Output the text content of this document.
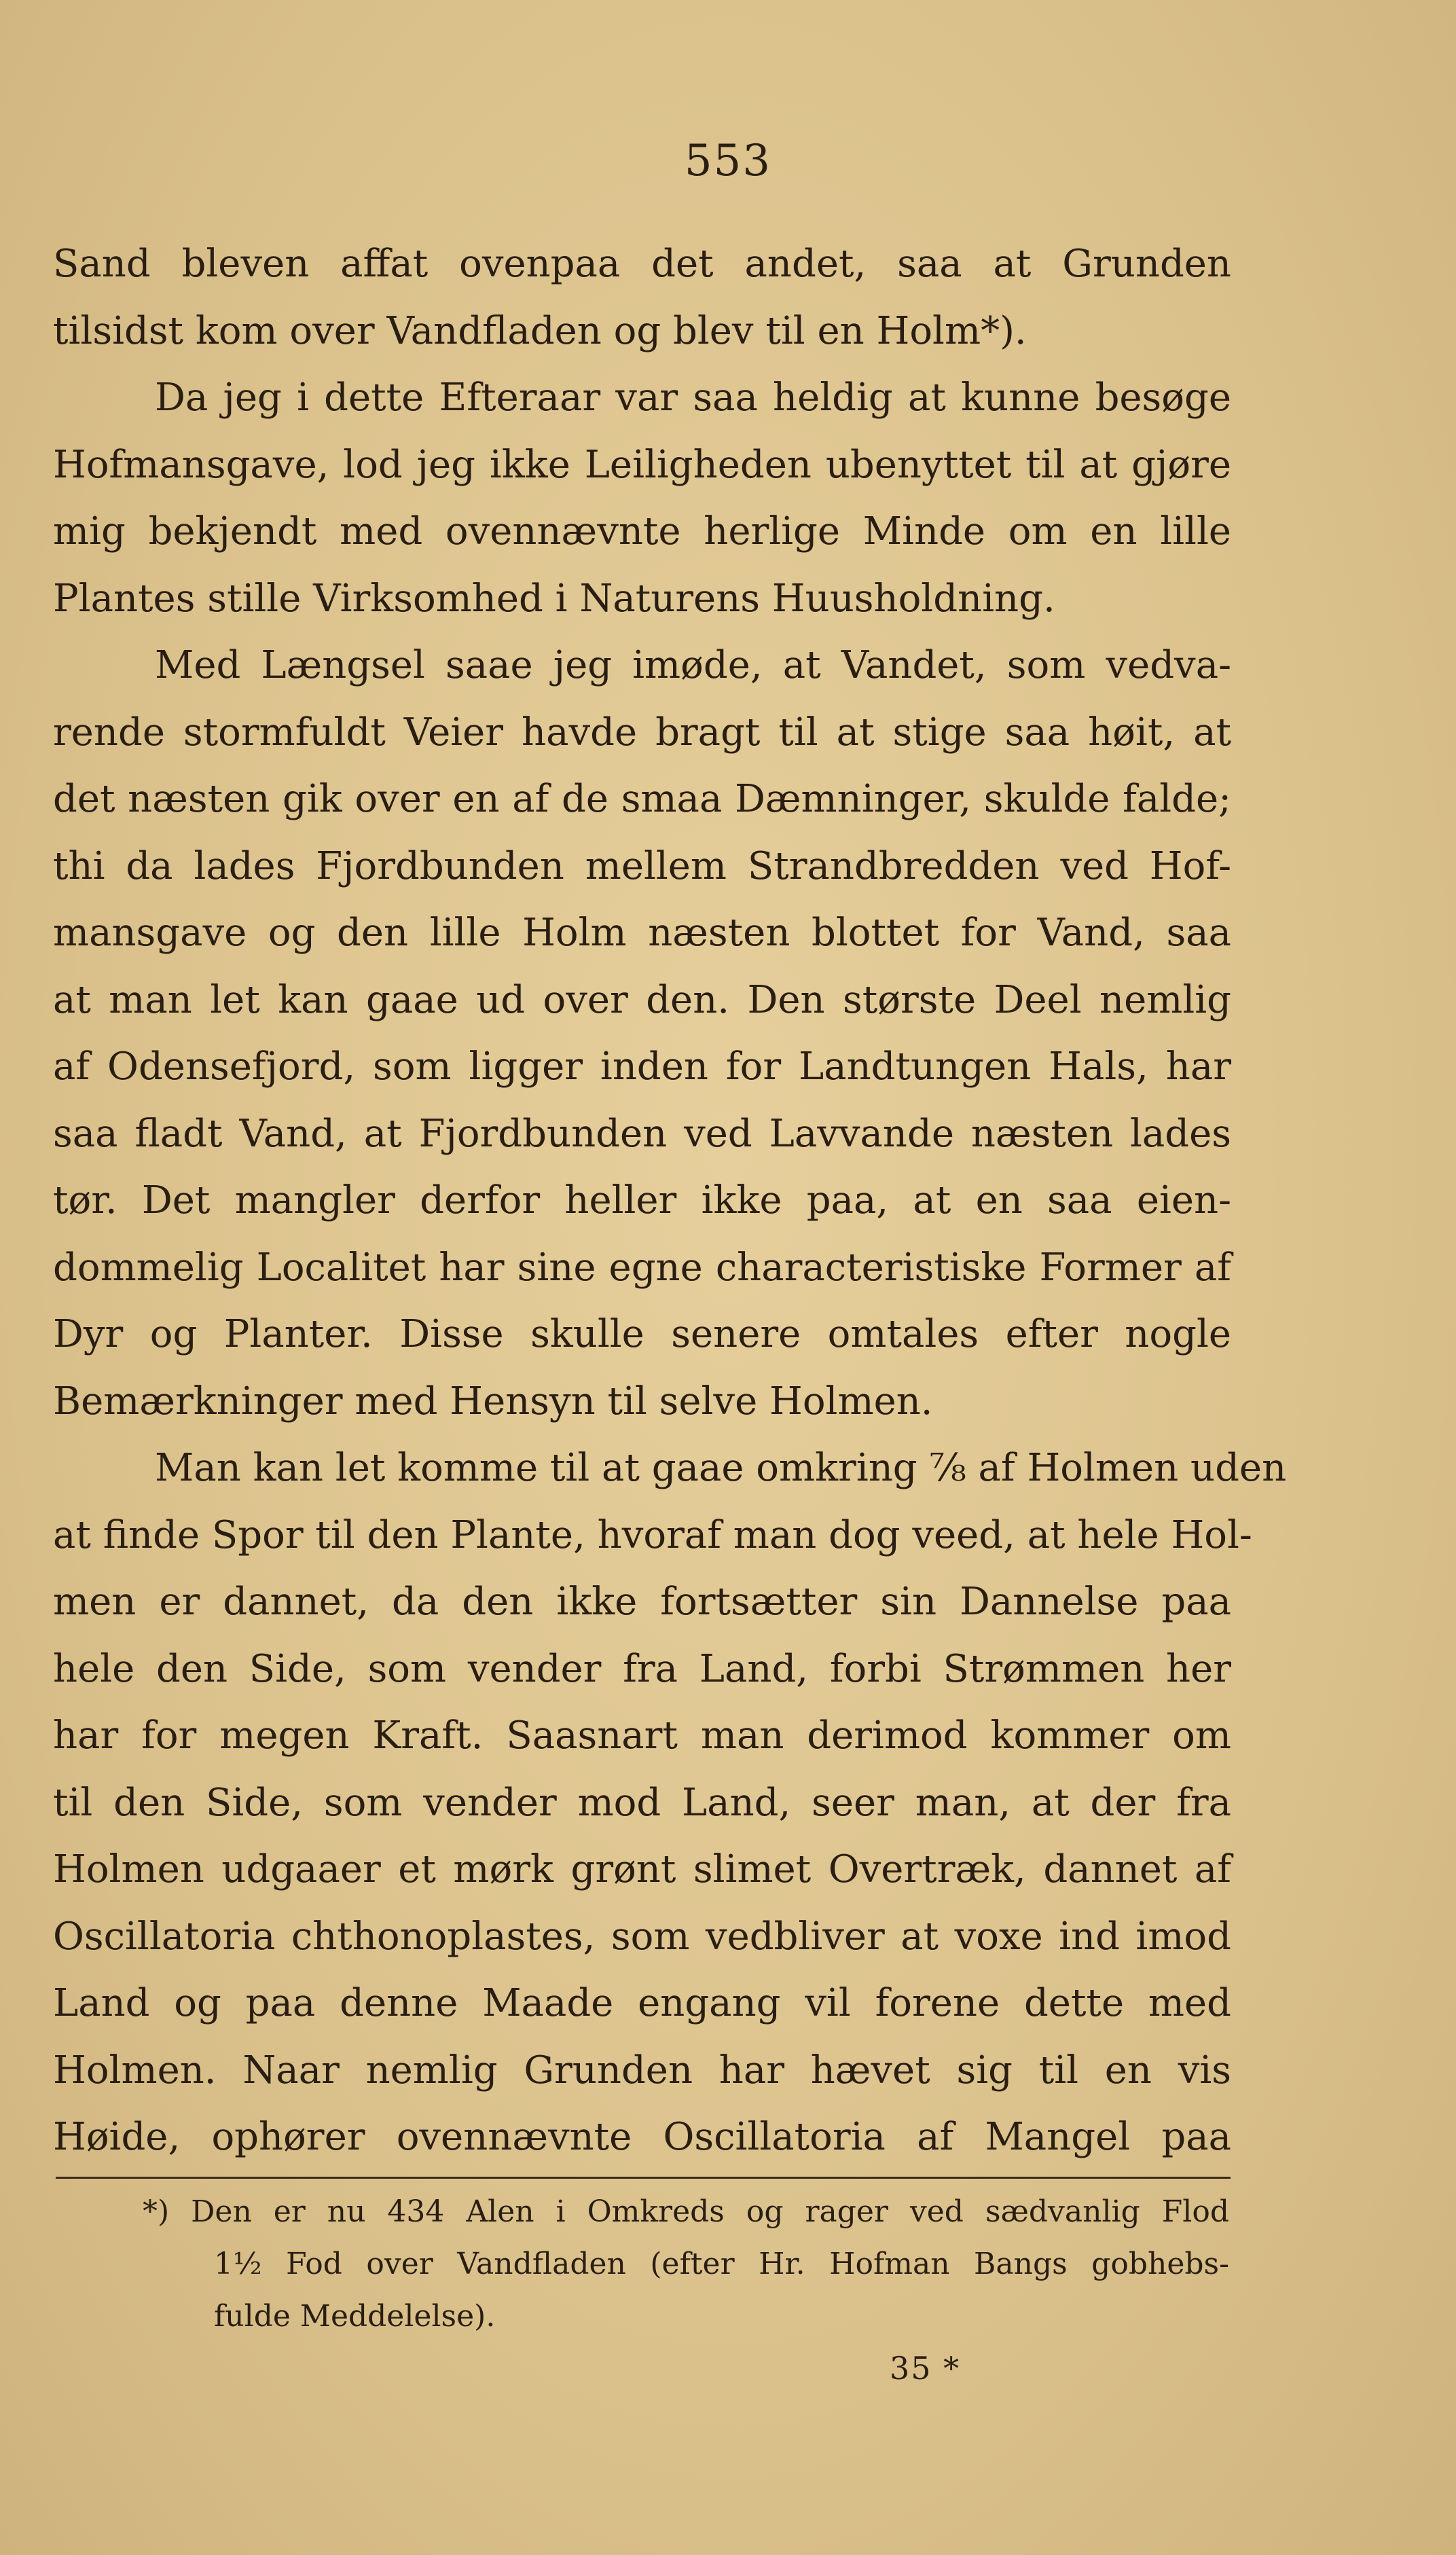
553
Sand bleven affat ovenpaa det andet, saa at Grunden
tilsidst kom over Vandfladen og blev til en Holm*).
Da jeg i dette Efteraar var saa heldig at kunne besøge
Hofmansgave, lod jeg ikke Leiligheden ubenyttet til at gjøre
mig bekjendt med ovennævnte herlige Minde om en lille
Plantes stille Virksomhed i Naturens Huusholdning.
Med Længsel saae jeg imøde, at Vandet, som vedva-
rende stormfuldt Veier havde bragt til at stige saa høit, at
det næsten gik over en af de smaa Dæmninger, skulde falde;
thi da lades Fjordbunden mellem Strandbredden ved Hof-
mansgave og den lille Holm næsten blottet for Vand, saa
at man let kan gaae ud over den. Den største Deel nemlig
af Odensefjord, som ligger inden for Landtungen Hals, har
saa fladt Vand, at Fjordbunden ved Lavvande næsten lades
tør. Det mangler derfor heller ikke paa, at en saa eien-
dommelig Localitet har sine egne characteristiske Former af
Dyr og Planter. Disse skulle senere omtales efter nogle
Bemærkninger med Hensyn til selve Holmen.
Man kan let komme til at gaae omkring ⅞ af Holmen uden
at finde Spor til den Plante, hvoraf man dog veed, at hele Hol-
men er dannet, da den ikke fortsætter sin Dannelse paa
hele den Side, som vender fra Land, forbi Strømmen her
har for megen Kraft. Saasnart man derimod kommer om
til den Side, som vender mod Land, seer man, at der fra
Holmen udgaaer et mørk grønt slimet Overtræk, dannet af
Oscillatoria chthonoplastes, som vedbliver at voxe ind imod
Land og paa denne Maade engang vil forene dette med
Holmen. Naar nemlig Grunden har hævet sig til en vis
Høide, ophører ovennævnte Oscillatoria af Mangel paa
*) Den er nu 434 Alen i Omkreds og rager ved sædvanlig Flod
1½ Fod over Vandfladen (efter Hr. Hofman Bangs gobhebs-
fulde Meddelelse).
35 *
